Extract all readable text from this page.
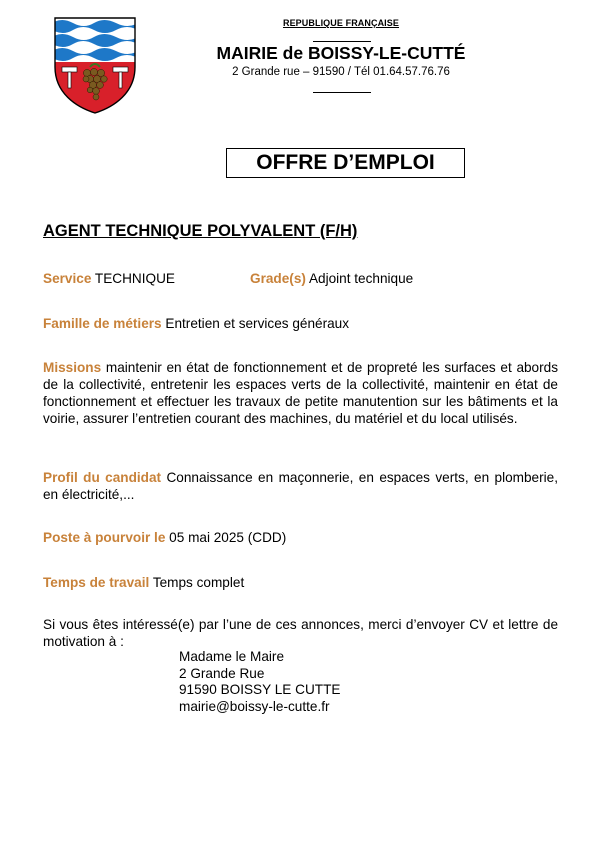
REPUBLIQUE FRANÇAISE
MAIRIE de BOISSY-LE-CUTTÉ
2 Grande rue – 91590 / Tél 01.64.57.76.76
OFFRE D’EMPLOI
AGENT TECHNIQUE POLYVALENT (F/H)
Service TECHNIQUE	Grade(s) Adjoint technique
Famille de métiers Entretien et services généraux
Missions maintenir en état de fonctionnement et de propreté les surfaces et abords de la collectivité, entretenir les espaces verts de la collectivité, maintenir en état de fonctionnement et effectuer les travaux de petite manutention sur les bâtiments et la voirie, assurer l’entretien courant des machines, du matériel et du local utilisés.
Profil du candidat Connaissance en maçonnerie, en espaces verts, en plomberie, en électricité,...
Poste à pourvoir le 05 mai 2025 (CDD)
Temps de travail Temps complet
Si vous êtes intéressé(e) par l’une de ces annonces, merci d’envoyer CV et lettre de motivation à :
Madame le Maire
2 Grande Rue
91590 BOISSY LE CUTTE
mairie@boissy-le-cutte.fr
